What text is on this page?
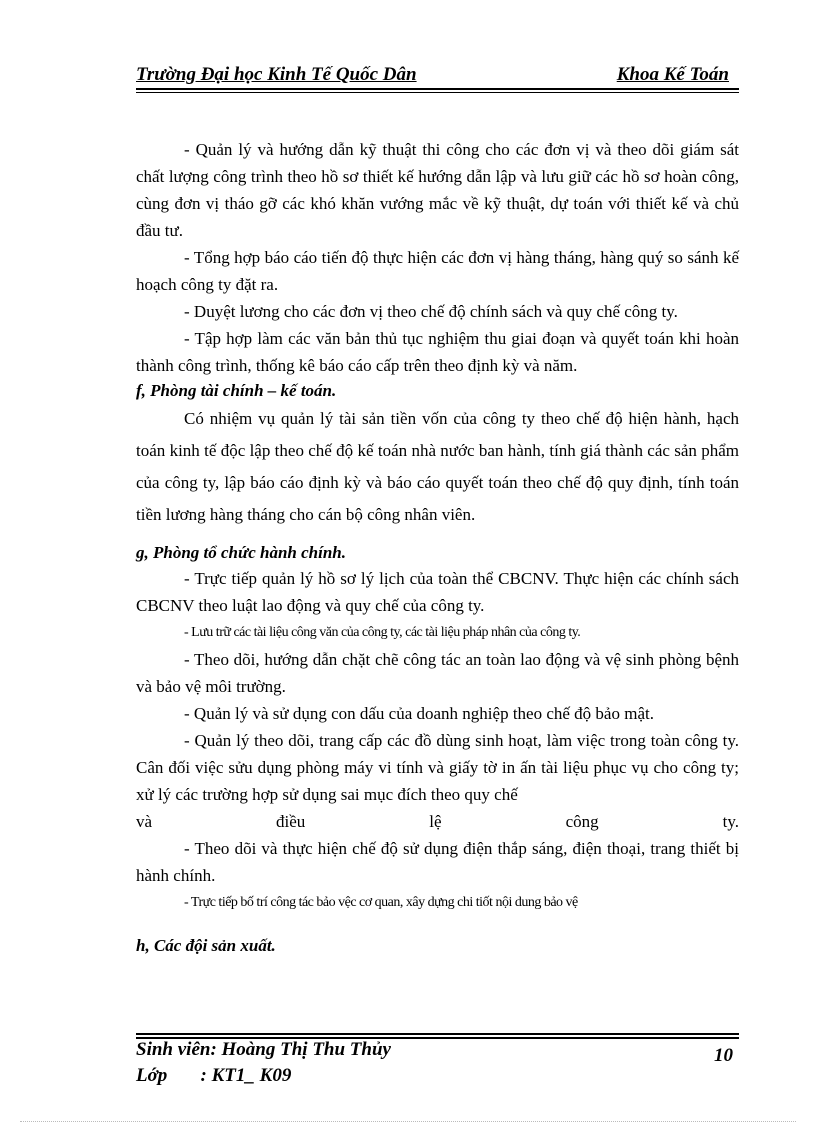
Trường Đại học Kinh Tế Quốc Dân	Khoa Kế Toán

- Quản lý và hướng dẫn kỹ thuật thi công cho các đơn vị và theo dõi giám sát chất lượng công trình theo hồ sơ thiết kế hướng dẫn lập và lưu giữ các hồ sơ hoàn công, cùng đơn vị tháo gỡ các khó khăn vướng mắc về kỹ thuật, dự toán với thiết kế và chủ đầu tư.

- Tổng hợp báo cáo tiến độ thực hiện các đơn vị hàng tháng, hàng quý so sánh kế hoạch công ty đặt ra.

- Duyệt lương cho các đơn vị theo chế độ chính sách và quy chế công ty.

- Tập hợp làm các văn bản thủ tục nghiệm thu giai đoạn và quyết toán khi hoàn thành công trình, thống kê báo cáo cấp trên theo định kỳ và năm.

f, Phòng tài chính – kế toán.

Có nhiệm vụ quản lý tài sản tiền vốn của công ty theo chế độ hiện hành, hạch toán kinh tế độc lập theo chế độ kế toán nhà nước ban hành, tính giá thành các sản phẩm của công ty, lập báo cáo định kỳ và báo cáo quyết toán theo chế độ quy định, tính toán tiền lương hàng tháng cho cán bộ công nhân viên.

g, Phòng tổ chức hành chính.

- Trực tiếp quản lý hồ sơ lý lịch của toàn thể CBCNV. Thực hiện các chính sách CBCNV theo luật lao động và quy chế của công ty.

- Lưu trữ các tài liệu công văn của công ty, các tài liệu pháp nhân của công ty.

- Theo dõi, hướng dẫn chặt chẽ công tác an toàn lao động và vệ sinh phòng bệnh và bảo vệ môi trường.

- Quản lý và sử dụng con dấu của doanh nghiệp theo chế độ bảo mật.

- Quản lý theo dõi, trang cấp các đồ dùng sinh hoạt, làm việc trong toàn công ty. Cân đối việc sửu dụng phòng máy vi tính và giấy tờ in ấn tài liệu phục vụ cho công ty; xử lý các trường hợp sử dụng sai mục đích theo quy chế

và	điều	lệ	công	ty.

- Theo dõi và thực hiện chế độ sử dụng điện thắp sáng, điện thoại, trang thiết bị hành chính.

- Trực tiếp bố trí công tác bảo vệc cơ quan, xây dựng chi tiốt nội dung bảo vệ

h, Các đội sản xuất.

Sinh viên: Hoàng Thị Thu Thủy
Lớp       : KT1_ K09
10
